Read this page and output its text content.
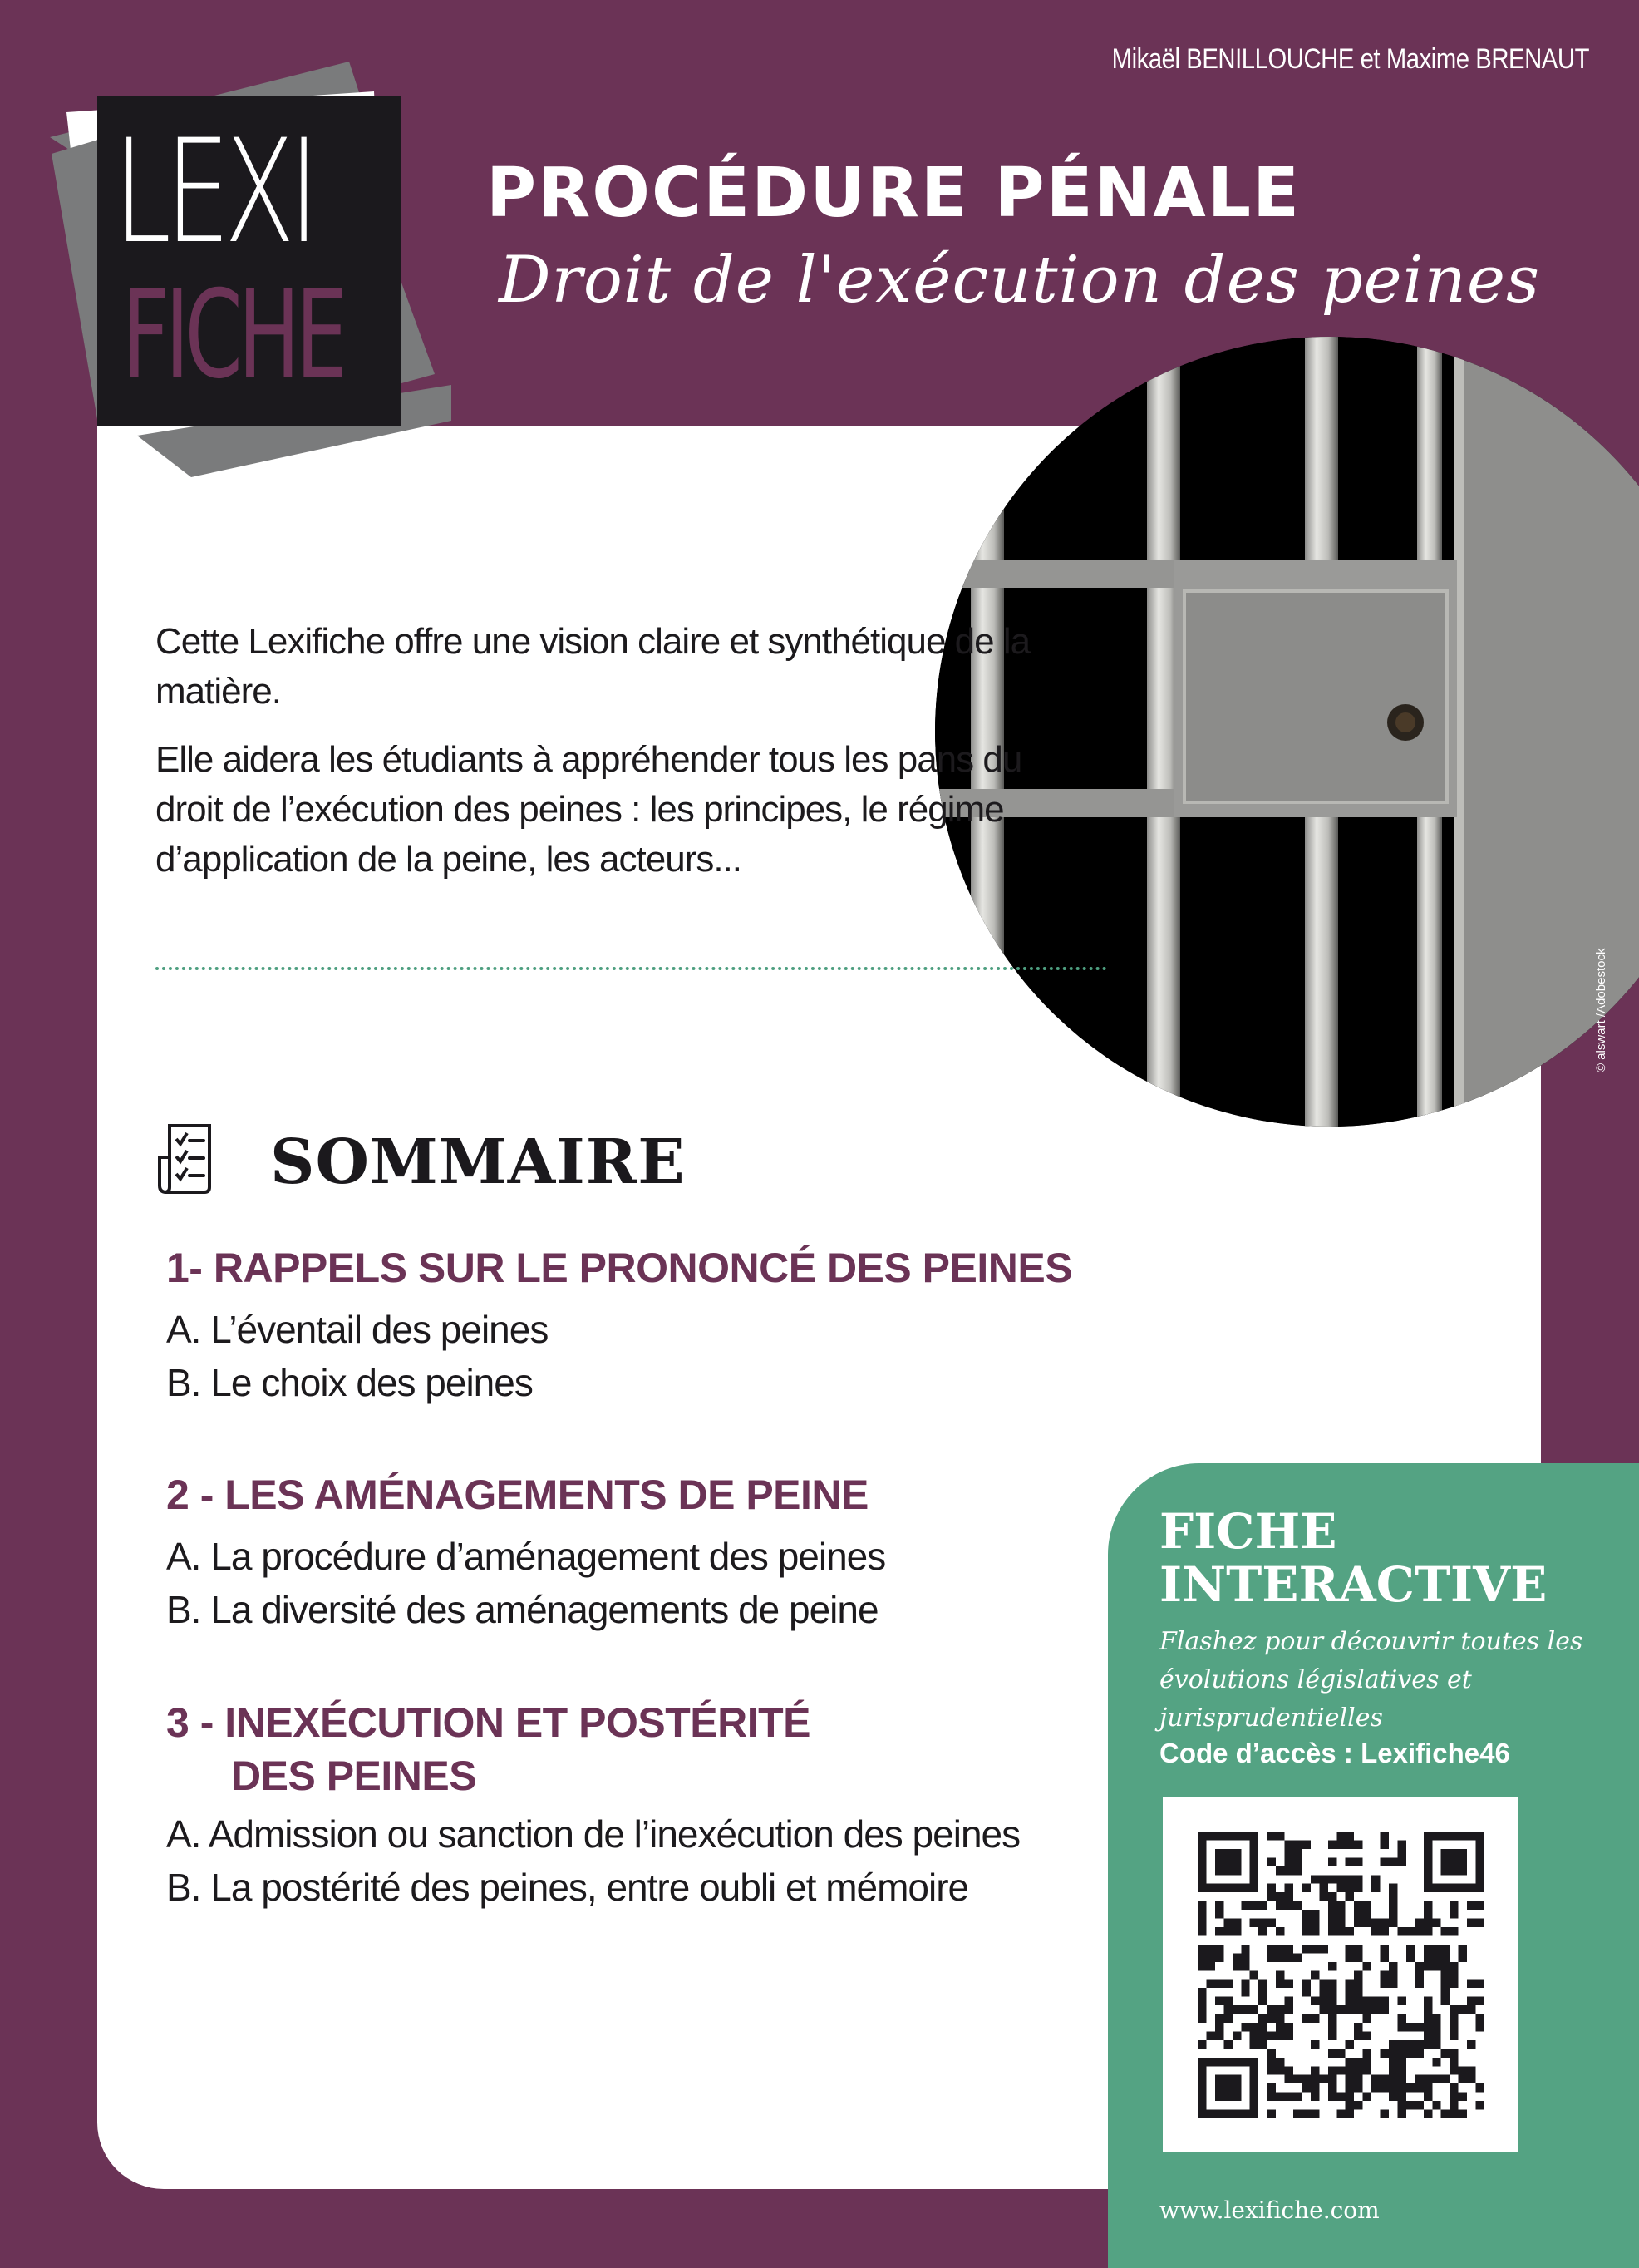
Mikaël BENILLOUCHE et Maxime BRENAUT
LEXI
FICHE
PROCÉDURE PÉNALE
Droit de l'exécution des peines
© alswart /Adobestock

Cette Lexifiche offre une vision claire et synthétique de la matière.

Elle aidera les étudiants à appréhender tous les pans du droit de l’exécution des peines : les principes, le régime d’application de la peine, les acteurs...

SOMMAIRE

1- RAPPELS SUR LE PRONONCÉ DES PEINES

A. L’éventail des peines

B. Le choix des peines

2 - LES AMÉNAGEMENTS DE PEINE

A. La procédure d’aménagement des peines

B. La diversité des aménagements de peine

3 - INEXÉCUTION ET POSTÉRITÉ

DES PEINES

A. Admission ou sanction de l’inexécution des peines

B. La postérité des peines, entre oubli et mémoire

FICHE
INTERACTIVE
Flashez pour découvrir toutes les évolutions législatives et jurisprudentielles
Code d’accès : Lexifiche46
www.lexifiche.com
